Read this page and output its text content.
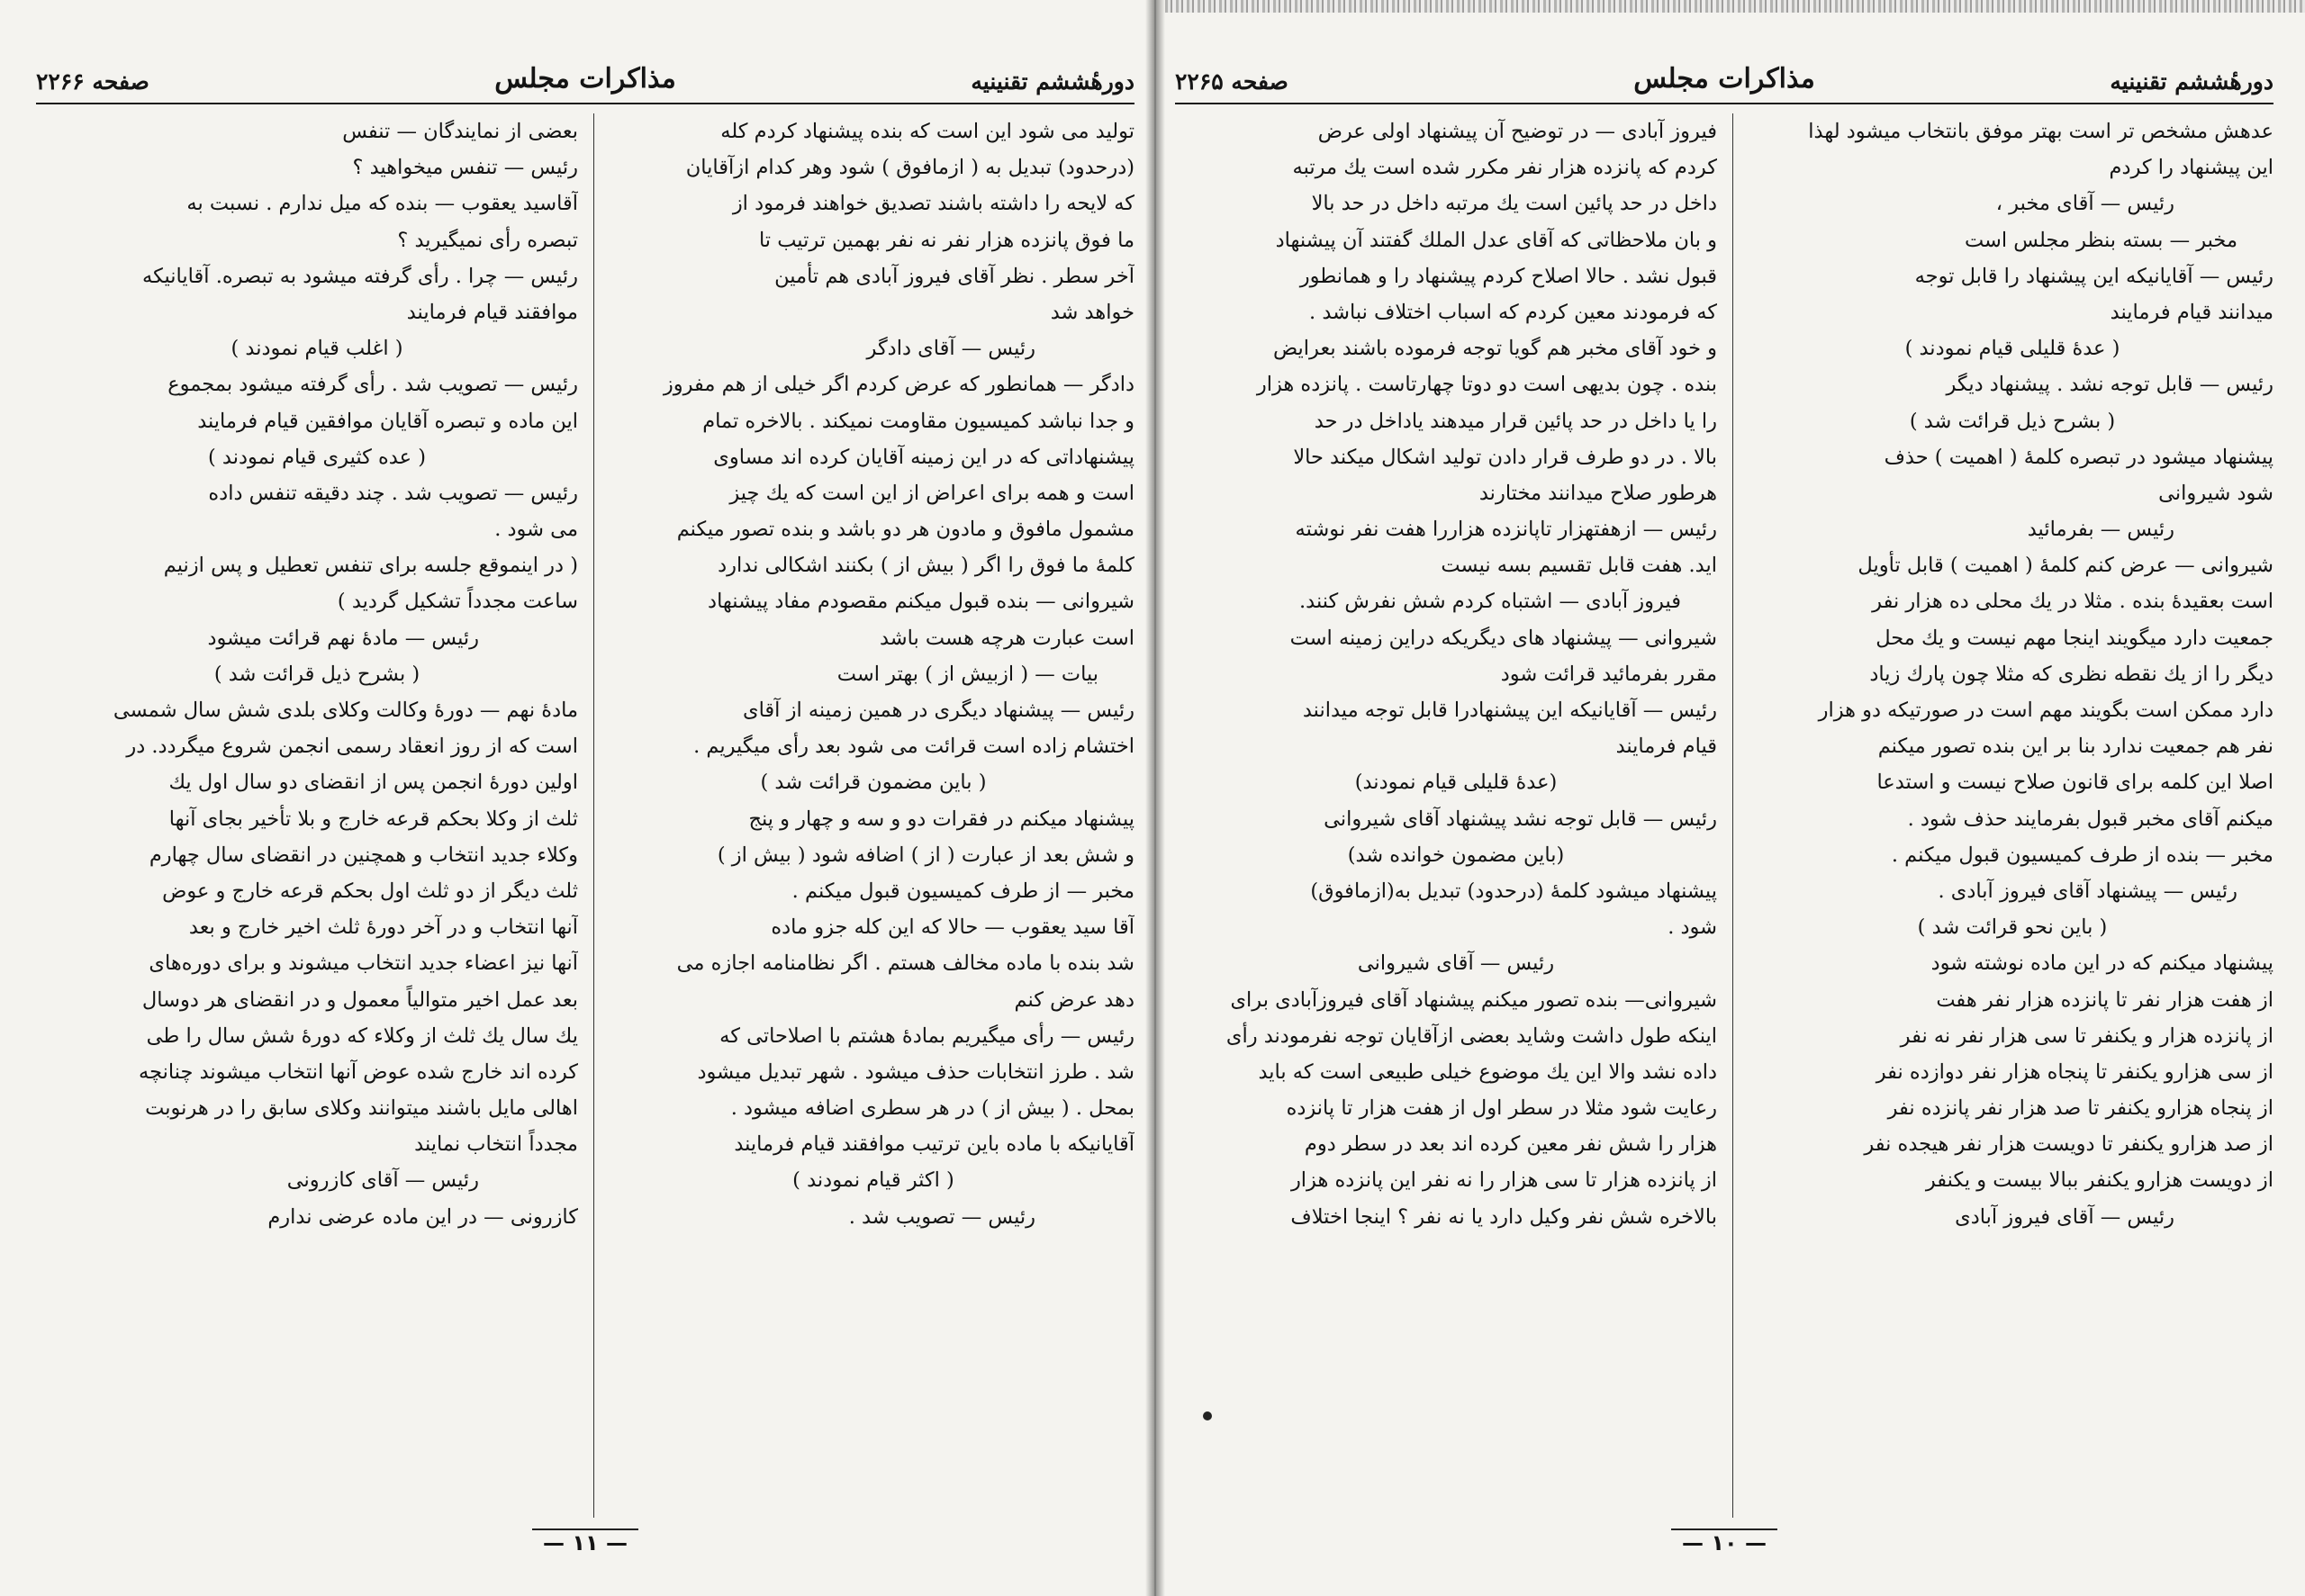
دورهٔششم تقنینیه
مذاکرات مجلس
صفحه ۲۲۶۶
تولید می شود این است که بنده پیشنهاد کردم کله
(درحدود) تبدیل به ( ازمافوق ) شود وهر کدام ازآقایان
که لایحه را داشته باشند تصدیق خواهند فرمود از
ما فوق پانزده هزار نفر نه نفر بهمین ترتیب تا
آخر سطر . نظر آقای فیروز آبادی هم تأمین
خواهد شد
رئیس — آقای دادگر
دادگر — همانطور که عرض کردم اگر خیلی از هم مفروز
و جدا نباشد کمیسیون مقاومت نمیکند . بالاخره تمام
پیشنهاداتی که در این زمینه آقایان کرده اند مساوی
است و همه برای اعراض از این است که یك چیز
مشمول مافوق و مادون هر دو باشد و بنده تصور میکنم
کلمهٔ ما فوق را اگر ( بیش از ) بکنند اشکالی ندارد
شیروانی — بنده قبول میکنم مقصودم مفاد پیشنهاد
است عبارت هرچه هست باشد
بیات — ( ازبیش از ) بهتر است
رئیس — پیشنهاد دیگری در همین زمینه از آقای
اختشام زاده است قرائت می شود بعد رأی میگیریم .
( باین مضمون قرائت شد )
پیشنهاد میکنم در فقرات دو و سه و چهار و پنج
و شش بعد از عبارت ( از ) اضافه شود ( بیش از )
مخبر — از طرف کمیسیون قبول میکنم .
آقا سید یعقوب — حالا که این کله جزو ماده
شد بنده با ماده مخالف هستم . اگر نظامنامه اجازه می
دهد عرض کنم
رئیس — رأی میگیریم بمادهٔ هشتم با اصلاحاتی که
شد . طرز انتخابات حذف میشود . شهر تبدیل میشود
بمحل . ( بیش از ) در هر سطری اضافه میشود .
آقایانیکه با ماده باین ترتیب موافقند قیام فرمایند
( اکثر قیام نمودند )
رئیس — تصویب شد .
بعضی از نمایندگان — تنفس
رئیس — تنفس میخواهید ؟
آقاسید یعقوب — بنده که میل ندارم . نسبت به
تبصره رأی نمیگیرید ؟
رئیس — چرا . رأی گرفته میشود به تبصره. آقایانیکه
موافقند قیام فرمایند
( اغلب قیام نمودند )
رئیس — تصویب شد . رأی گرفته میشود بمجموع
این ماده و تبصره آقایان موافقین قیام فرمایند
( عده کثیری قیام نمودند )
رئیس — تصویب شد . چند دقیقه تنفس داده
می شود .
( در اینموقع جلسه برای تنفس تعطیل و پس ازنیم
ساعت مجدداً تشکیل گردید )
رئیس — مادهٔ نهم قرائت میشود
( بشرح ذیل قرائت شد )
مادهٔ نهم — دورهٔ وکالت وکلای بلدی شش سال شمسی
است که از روز انعقاد رسمی انجمن شروع میگردد. در
اولین دورهٔ انجمن پس از انقضای دو سال اول یك
ثلث از وکلا بحکم قرعه خارج و بلا تأخیر بجای آنها
وکلاء جدید انتخاب و همچنین در انقضای سال چهارم
ثلث دیگر از دو ثلث اول بحکم قرعه خارج و عوض
آنها انتخاب و در آخر دورهٔ ثلث اخیر خارج و بعد
آنها نیز اعضاء جدید انتخاب میشوند و برای دوره‌های
بعد عمل اخیر متوالیاً معمول و در انقضای هر دوسال
یك سال یك ثلث از وکلاء که دورهٔ شش سال را طی
کرده اند خارج شده عوض آنها انتخاب میشوند چنانچه
اهالی مایل باشند میتوانند وکلای سابق را در هرنوبت
مجدداً انتخاب نمایند
رئیس — آقای کازرونی
کازرونی — در این ماده عرضی ندارم
— ۱۱ —
دورهٔششم تقنینیه
مذاکرات مجلس
صفحه ۲۲۶۵
عدهش مشخص تر است بهتر موفق بانتخاب میشود لهذا
این پیشنهاد را کردم
رئیس — آقای مخبر ،
مخبر — بسته بنظر مجلس است
رئیس — آقایانیکه این پیشنهاد را قابل توجه
میدانند قیام فرمایند
( عدهٔ قلیلی قیام نمودند )
رئیس — قابل توجه نشد . پیشنهاد دیگر
( بشرح ذیل قرائت شد )
پیشنهاد میشود در تبصره کلمهٔ ( اهمیت ) حذف
شود شیروانی
رئیس — بفرمائید
شیروانی — عرض کنم کلمهٔ ( اهمیت ) قابل تأویل
است بعقیدهٔ بنده . مثلا در یك محلی ده هزار نفر
جمعیت دارد میگویند اینجا مهم نیست و یك محل
دیگر را از یك نقطه نظری که مثلا چون پارك زیاد
دارد ممکن است بگویند مهم است در صورتیکه دو هزار
نفر هم جمعیت ندارد بنا بر این بنده تصور میکنم
اصلا این کلمه برای قانون صلاح نیست و استدعا
میکنم آقای مخبر قبول بفرمایند حذف شود .
مخبر — بنده از طرف کمیسیون قبول میکنم .
رئیس — پیشنهاد آقای فیروز آبادی .
( باین نحو قرائت شد )
پیشنهاد میکنم که در این ماده نوشته شود
از هفت هزار نفر تا پانزده هزار نفر هفت
از پانزده هزار و یکنفر تا سی هزار نفر نه نفر
از سی هزارو یکنفر تا پنجاه هزار نفر دوازده نفر
از پنجاه هزارو یکنفر تا صد هزار نفر پانزده نفر
از صد هزارو یکنفر تا دویست هزار نفر هیجده نفر
از دویست هزارو یکنفر ببالا بیست و یکنفر
رئیس — آقای فیروز آبادی
فیروز آبادی — در توضیح آن پیشنهاد اولی عرض
کردم که پانزده هزار نفر مکرر شده است یك مرتبه
داخل در حد پائین است یك مرتبه داخل در حد بالا
و بان ملاحظاتی که آقای عدل الملك گفتند آن پیشنهاد
قبول نشد . حالا اصلاح کردم پیشنهاد را و همانطور
که فرمودند معین کردم که اسباب اختلاف نباشد .
و خود آقای مخبر هم گویا توجه فرموده باشند بعرایض
بنده . چون بدیهی است دو دوتا چهارتاست . پانزده هزار
را یا داخل در حد پائین قرار میدهند یاداخل در حد
بالا . در دو طرف قرار دادن تولید اشکال میکند حالا
هرطور صلاح میدانند مختارند
رئیس — ازهفتهزار تاپانزده هزاررا هفت نفر نوشته
اید. هفت قابل تقسیم بسه نیست
فیروز آبادی — اشتباه کردم شش نفرش کنند.
شیروانی — پیشنهاد های دیگریکه دراین زمینه است
مقرر بفرمائید قرائت شود
رئیس — آقایانیکه این پیشنهادرا قابل توجه میدانند
قیام فرمایند
(عدهٔ قلیلی قیام نمودند)
رئیس — قابل توجه نشد پیشنهاد آقای شیروانی
(باین مضمون خوانده شد)
پیشنهاد میشود کلمهٔ (درحدود) تبدیل به(ازمافوق)
شود .
رئیس — آقای شیروانی
شیروانی— بنده تصور میکنم پیشنهاد آقای فیروزآبادی برای
اینکه طول داشت وشاید بعضی ازآقایان توجه نفرمودند رأی
داده نشد والا این یك موضوع خیلی طبیعی است که باید
رعایت شود مثلا در سطر اول از هفت هزار تا پانزده
هزار را شش نفر معین کرده اند بعد در سطر دوم
از پانزده هزار تا سی هزار را نه نفر این پانزده هزار
بالاخره شش نفر وکیل دارد یا نه نفر ؟ اینجا اختلاف
— ۱۰ —
